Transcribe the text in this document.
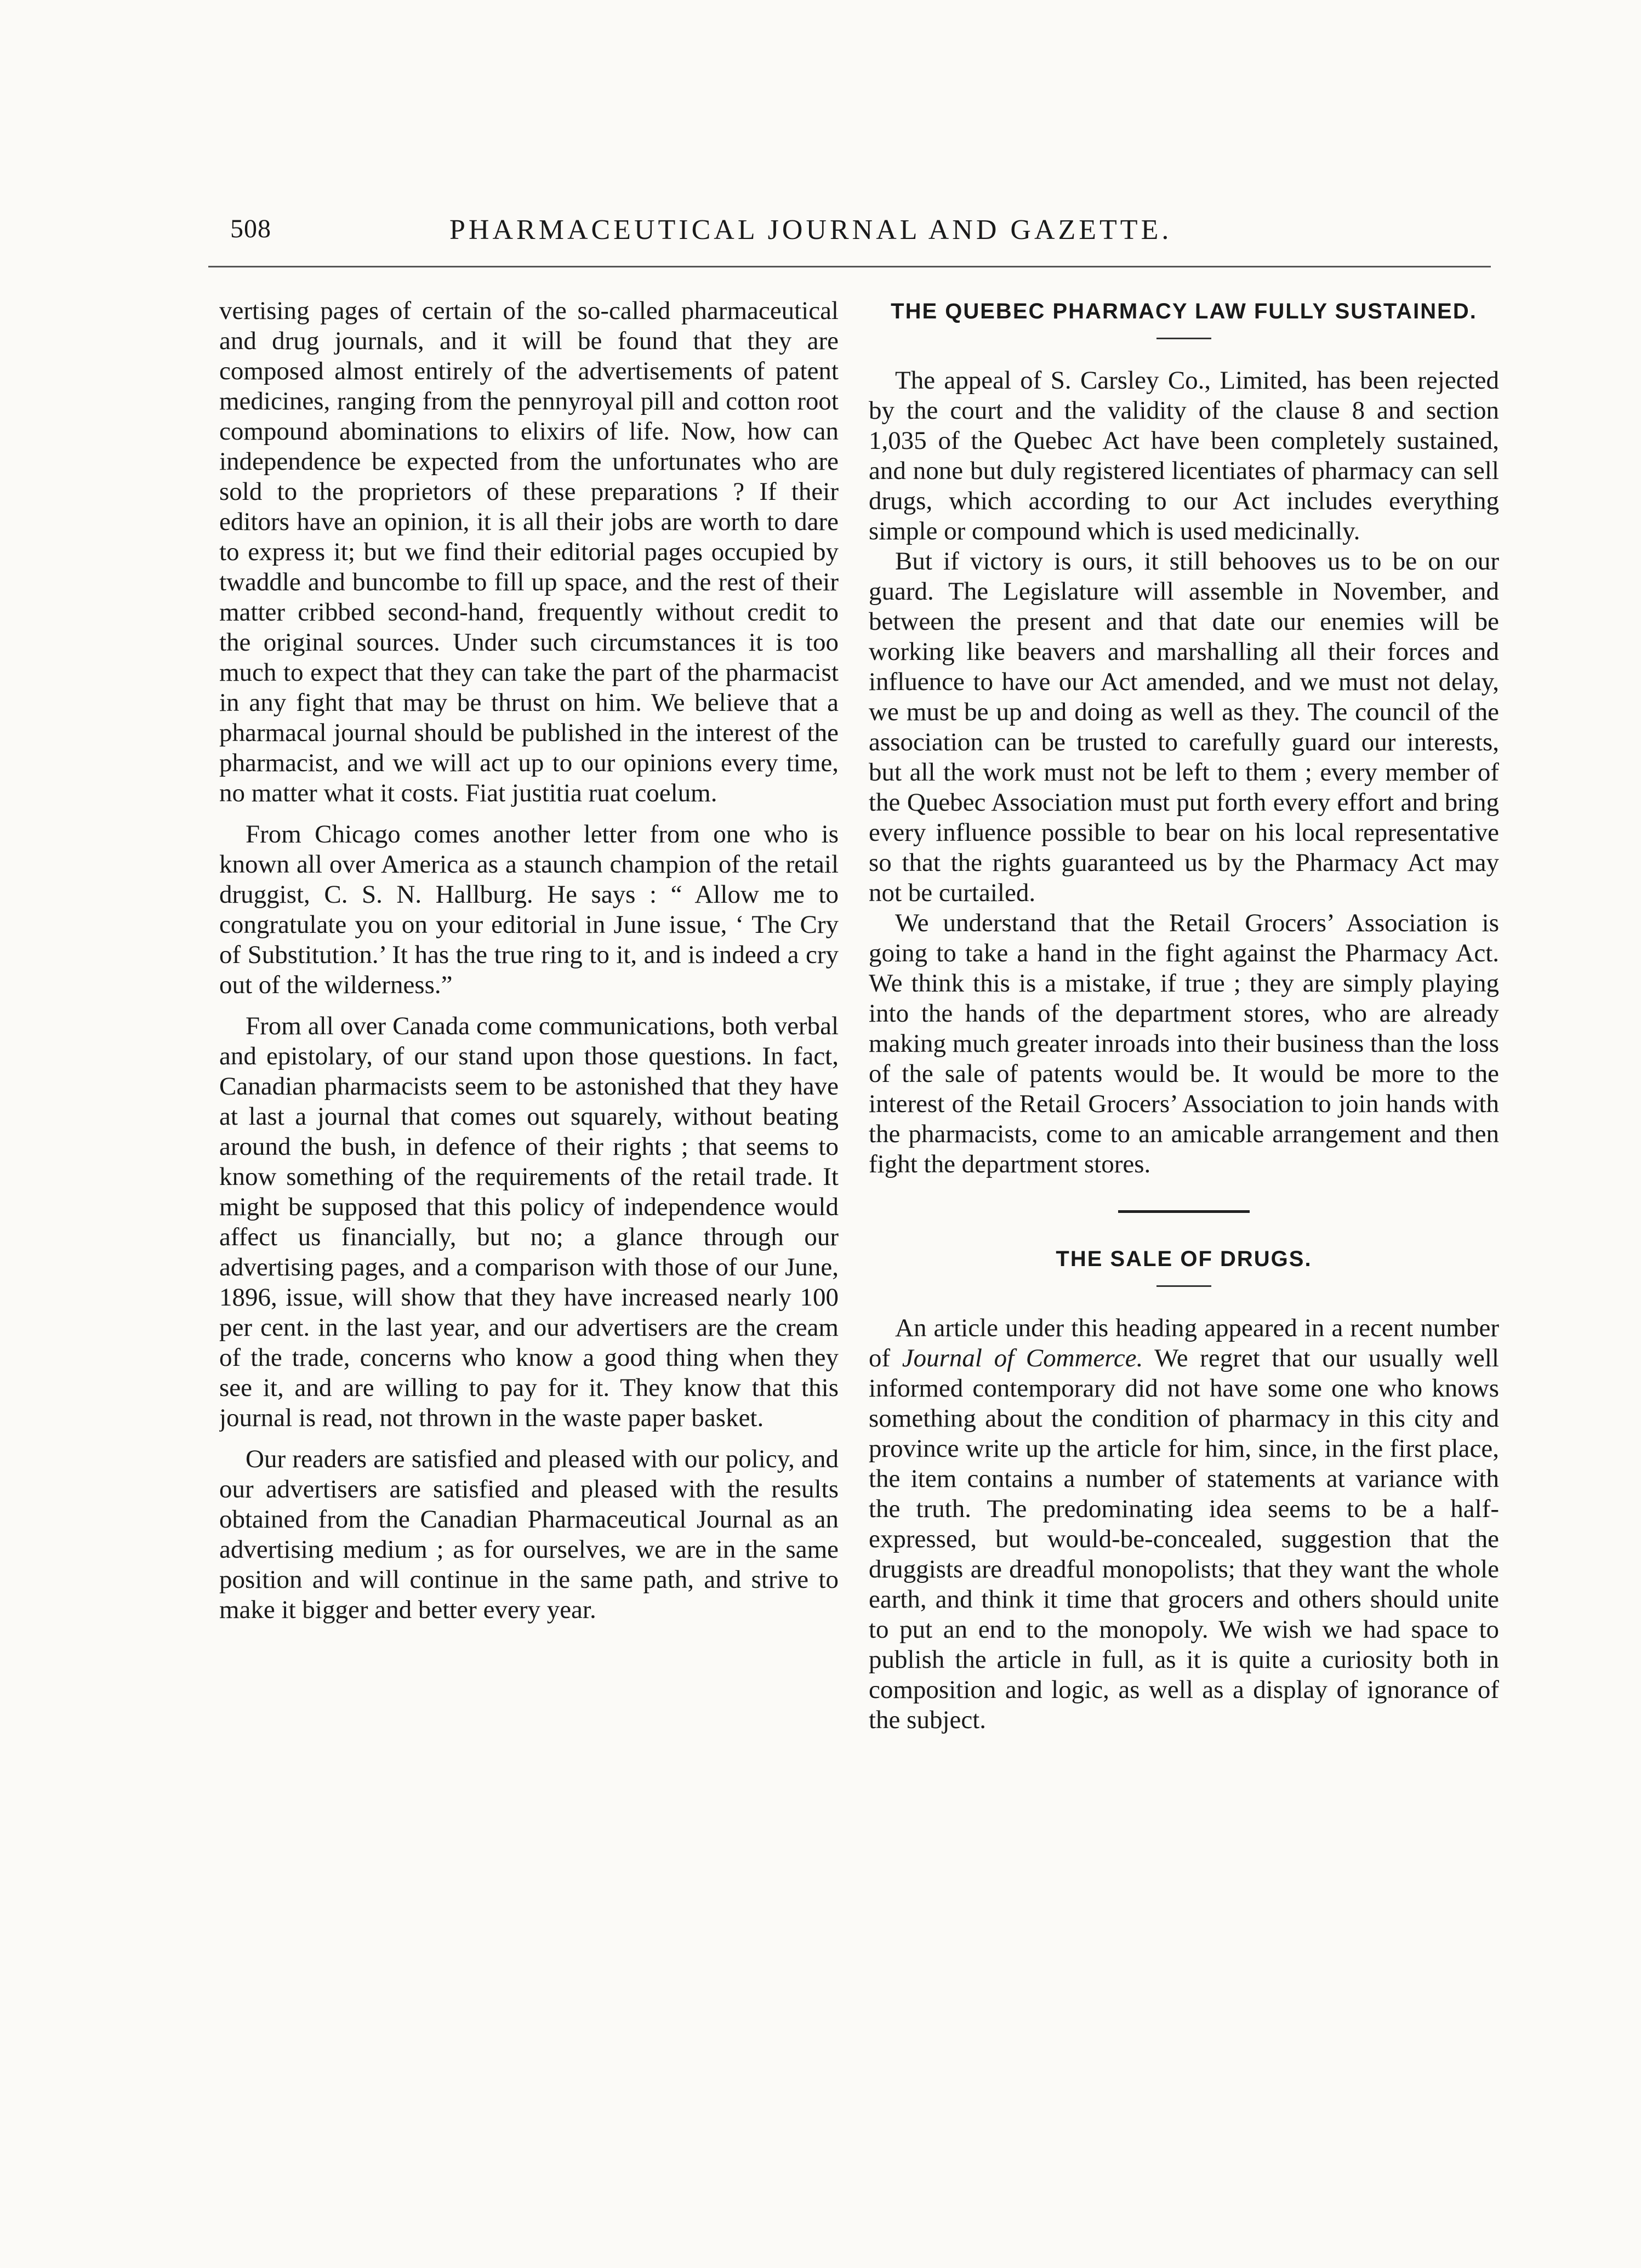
508	PHARMACEUTICAL JOURNAL AND GAZETTE.

vertising pages of certain of the so-called pharmaceutical and drug journals, and it will be found that they are composed almost entirely of the advertisements of patent medicines, ranging from the pennyroyal pill and cotton root compound abominations to elixirs of life. Now, how can independence be expected from the unfortunates who are sold to the proprietors of these preparations ? If their editors have an opinion, it is all their jobs are worth to dare to express it; but we find their editorial pages occupied by twaddle and buncombe to fill up space, and the rest of their matter cribbed second-hand, frequently without credit to the original sources. Under such circumstances it is too much to expect that they can take the part of the pharmacist in any fight that may be thrust on him. We believe that a pharmacal journal should be published in the interest of the pharmacist, and we will act up to our opinions every time, no matter what it costs. Fiat justitia ruat coelum.

From Chicago comes another letter from one who is known all over America as a staunch champion of the retail druggist, C. S. N. Hallburg. He says : “ Allow me to congratulate you on your editorial in June issue, ‘ The Cry of Substitution.’ It has the true ring to it, and is indeed a cry out of the wilderness.”

From all over Canada come communications, both verbal and epistolary, of our stand upon those questions. In fact, Canadian pharmacists seem to be astonished that they have at last a journal that comes out squarely, without beating around the bush, in defence of their rights ; that seems to know something of the requirements of the retail trade. It might be supposed that this policy of independence would affect us financially, but no; a glance through our advertising pages, and a comparison with those of our June, 1896, issue, will show that they have increased nearly 100 per cent. in the last year, and our advertisers are the cream of the trade, concerns who know a good thing when they see it, and are willing to pay for it. They know that this journal is read, not thrown in the waste paper basket.

Our readers are satisfied and pleased with our policy, and our advertisers are satisfied and pleased with the results obtained from the Canadian Pharmaceutical Journal as an advertising medium ; as for ourselves, we are in the same position and will continue in the same path, and strive to make it bigger and better every year.

THE QUEBEC PHARMACY LAW FULLY SUSTAINED.

The appeal of S. Carsley Co., Limited, has been rejected by the court and the validity of the clause 8 and section 1,035 of the Quebec Act have been completely sustained, and none but duly registered licentiates of pharmacy can sell drugs, which according to our Act includes everything simple or compound which is used medicinally.

But if victory is ours, it still behooves us to be on our guard. The Legislature will assemble in November, and between the present and that date our enemies will be working like beavers and marshalling all their forces and influence to have our Act amended, and we must not delay, we must be up and doing as well as they. The council of the association can be trusted to carefully guard our interests, but all the work must not be left to them ; every member of the Quebec Association must put forth every effort and bring every influence possible to bear on his local representative so that the rights guaranteed us by the Pharmacy Act may not be curtailed.

We understand that the Retail Grocers’ Association is going to take a hand in the fight against the Pharmacy Act. We think this is a mistake, if true ; they are simply playing into the hands of the department stores, who are already making much greater inroads into their business than the loss of the sale of patents would be. It would be more to the interest of the Retail Grocers’ Association to join hands with the pharmacists, come to an amicable arrangement and then fight the department stores.

THE SALE OF DRUGS.

An article under this heading appeared in a recent number of Journal of Commerce. We regret that our usually well informed contemporary did not have some one who knows something about the condition of pharmacy in this city and province write up the article for him, since, in the first place, the item contains a number of statements at variance with the truth. The predominating idea seems to be a half-expressed, but would-be-concealed, suggestion that the druggists are dreadful monopolists; that they want the whole earth, and think it time that grocers and others should unite to put an end to the monopoly. We wish we had space to publish the article in full, as it is quite a curiosity both in composition and logic, as well as a display of ignorance of the subject.
